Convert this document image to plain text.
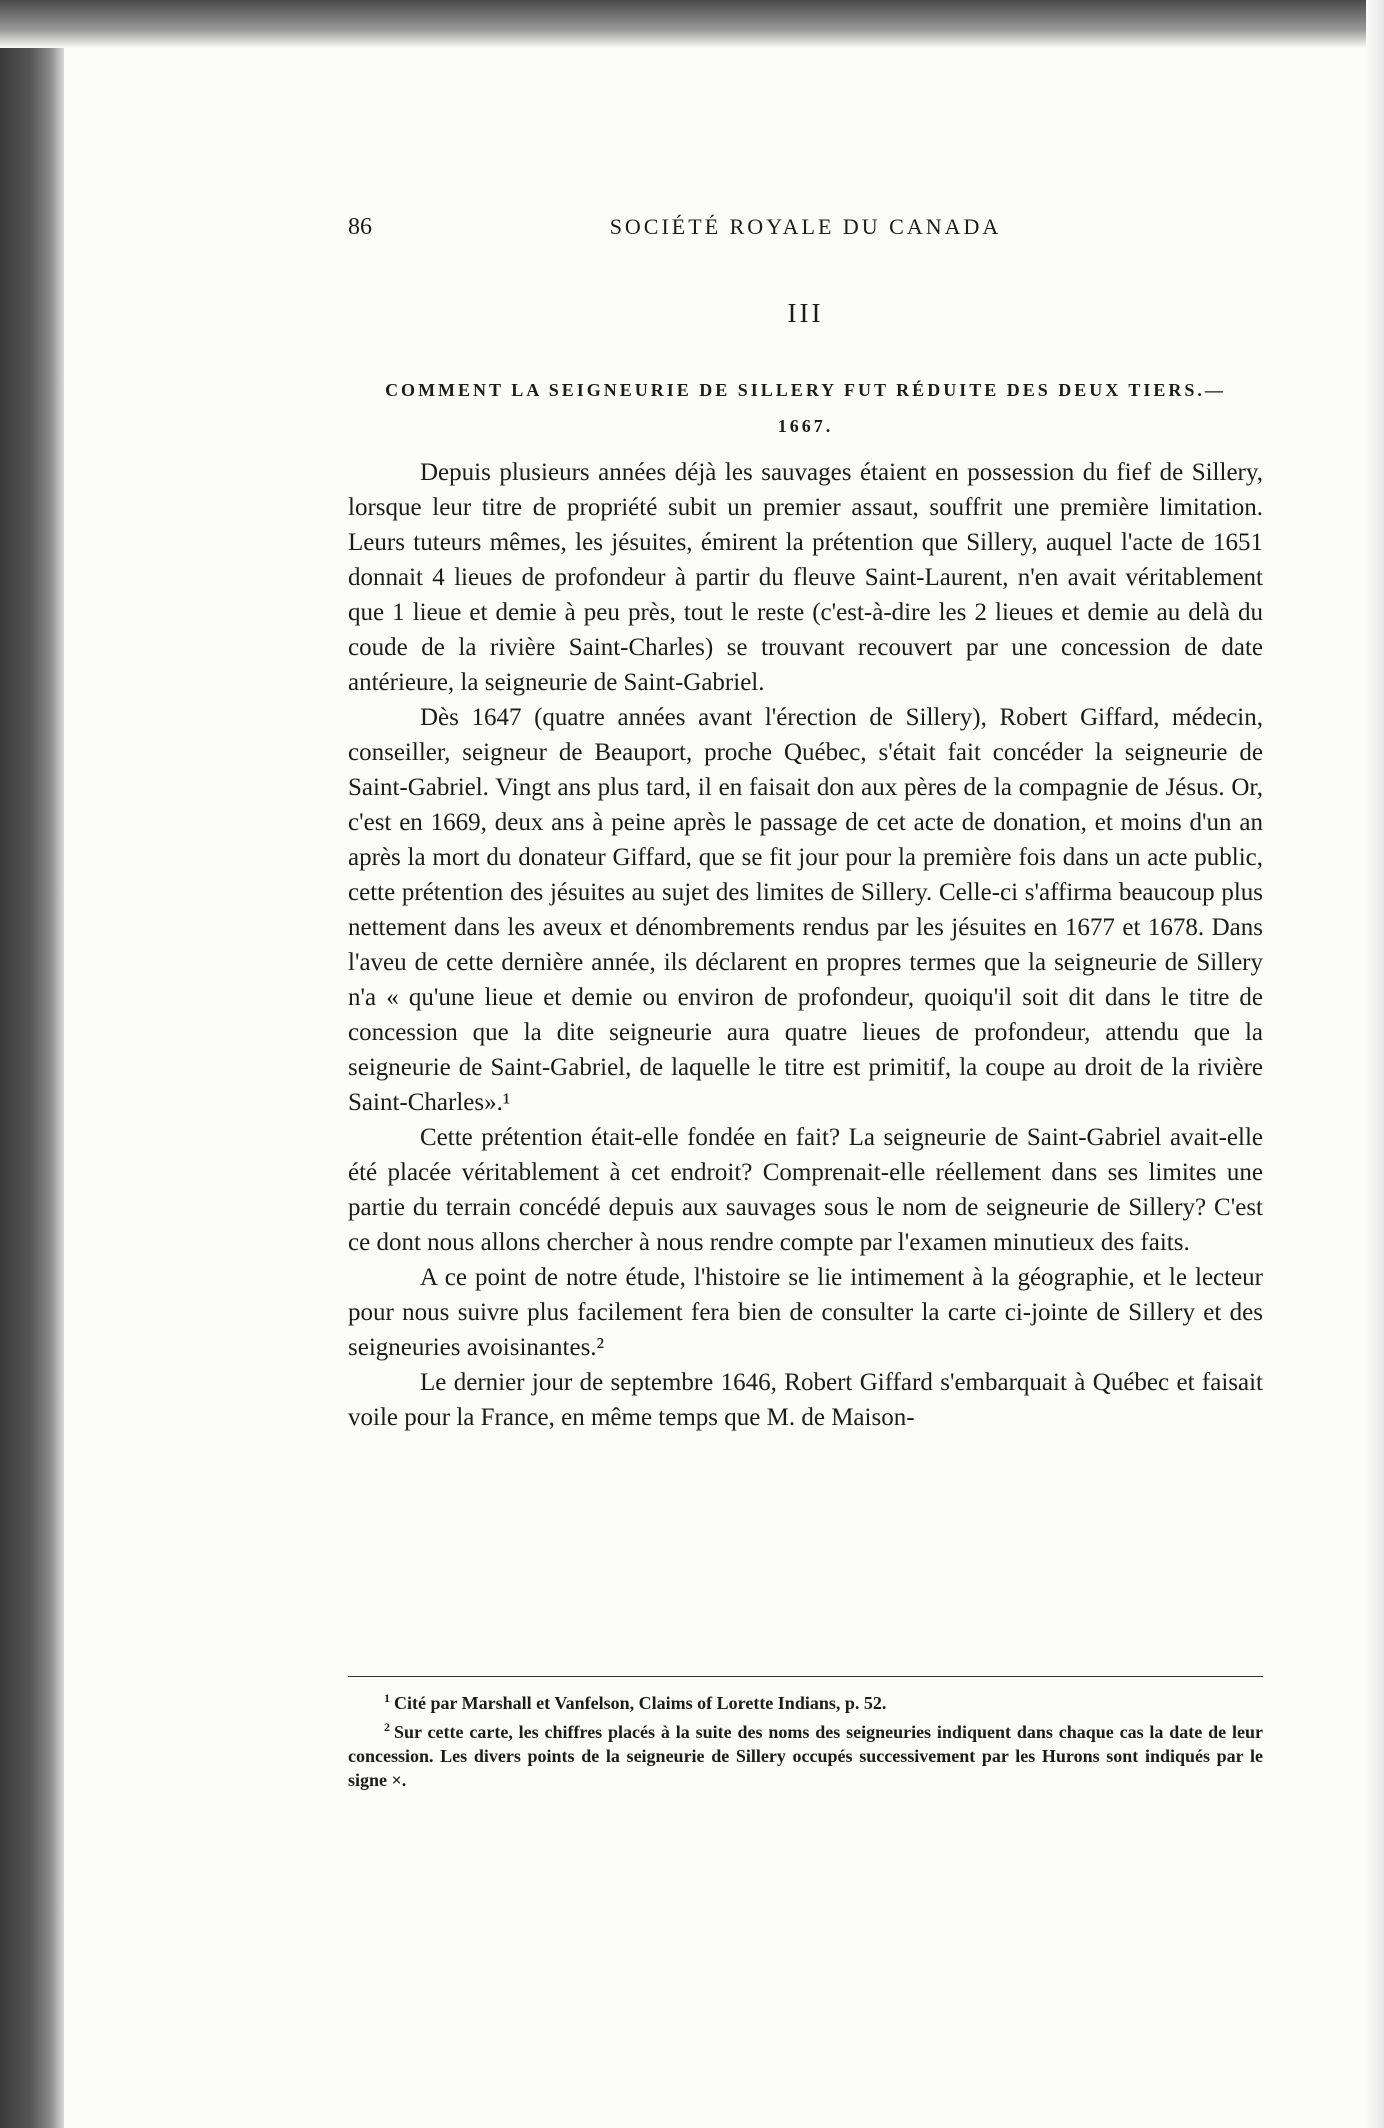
86	SOCIÉTÉ ROYALE DU CANADA
III
COMMENT LA SEIGNEURIE DE SILLERY FUT RÉDUITE DES DEUX TIERS.—
1667.

Depuis plusieurs années déjà les sauvages étaient en possession du fief de Sillery, lorsque leur titre de propriété subit un premier assaut, souffrit une première limitation. Leurs tuteurs mêmes, les jésuites, émirent la prétention que Sillery, auquel l'acte de 1651 donnait 4 lieues de profondeur à partir du fleuve Saint-Laurent, n'en avait véritablement que 1 lieue et demie à peu près, tout le reste (c'est-à-dire les 2 lieues et demie au delà du coude de la rivière Saint-Charles) se trouvant recouvert par une concession de date antérieure, la seigneurie de Saint-Gabriel.

Dès 1647 (quatre années avant l'érection de Sillery), Robert Giffard, médecin, conseiller, seigneur de Beauport, proche Québec, s'était fait concéder la seigneurie de Saint-Gabriel. Vingt ans plus tard, il en faisait don aux pères de la compagnie de Jésus. Or, c'est en 1669, deux ans à peine après le passage de cet acte de donation, et moins d'un an après la mort du donateur Giffard, que se fit jour pour la première fois dans un acte public, cette prétention des jésuites au sujet des limites de Sillery. Celle-ci s'affirma beaucoup plus nettement dans les aveux et dénombrements rendus par les jésuites en 1677 et 1678. Dans l'aveu de cette dernière année, ils déclarent en propres termes que la seigneurie de Sillery n'a « qu'une lieue et demie ou environ de profondeur, quoiqu'il soit dit dans le titre de concession que la dite seigneurie aura quatre lieues de profondeur, attendu que la seigneurie de Saint-Gabriel, de laquelle le titre est primitif, la coupe au droit de la rivière Saint-Charles».¹

Cette prétention était-elle fondée en fait? La seigneurie de Saint-Gabriel avait-elle été placée véritablement à cet endroit? Comprenait-elle réellement dans ses limites une partie du terrain concédé depuis aux sauvages sous le nom de seigneurie de Sillery? C'est ce dont nous allons chercher à nous rendre compte par l'examen minutieux des faits.

A ce point de notre étude, l'histoire se lie intimement à la géographie, et le lecteur pour nous suivre plus facilement fera bien de consulter la carte ci-jointe de Sillery et des seigneuries avoisinantes.²

Le dernier jour de septembre 1646, Robert Giffard s'embarquait à Québec et faisait voile pour la France, en même temps que M. de Maison-

$^1$ Cité par Marshall et Vanfelson, Claims of Lorette Indians, p. 52.

$^2$ Sur cette carte, les chiffres placés à la suite des noms des seigneuries indiquent dans chaque cas la date de leur concession. Les divers points de la seigneurie de Sillery occupés successivement par les Hurons sont indiqués par le signe ×.
